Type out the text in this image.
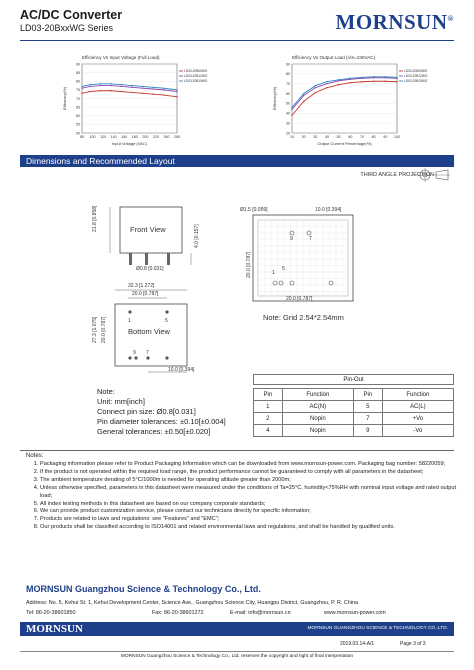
AC/DC Converter
LD03-20BxxWG Series	MORNSUN®
Efficiency Vs Input Voltage (Full Load)
50
55
60
65
70
75
80
85
90
85 100 120 140 160 180 200 220 240 265
Input Voltage (VAC)
Efficiency(%)
LD03-20B05WG
LD03-20B12WG
LD03-20B15WG
Efficiency Vs Output Load (Vin=230VAC)
20
30
40
50
60
70
80
90
10 20 30 40 50 60 70 80 90 100
Output Current Percentage(%)
Efficiency(%)
LD03-20B05WG
LD03-20B12WG
LD03-20B15WG
Dimensions and Recommended Layout
THIRD ANGLE PROJECTION
Front View
21.8 [0.858]
4.0 [0.157]
Ø0.8 [0.031]
32.3 [1.272]
20.0 [0.787]
Bottom View
27.3 [1.075] 20.0 [0.787]	1	5
9 7
10.0 [0.394]
Ø1.5 [0.059]	10.0 [0.394]
20.0 [0.787]
20.0 [0.787]
9	7
1
5
Note: Grid 2.54*2.54mm
Note:
Unit: mm[inch]
Connect pin size: Ø0.8[0.031]
Pin diameter tolerances: ±0.10[±0.004]
General tolerances: ±0.50[±0.020]
Pin-Out
Pin	Function	Pin	Function
1	AC(N)	5	AC(L)
2	Nopin	7	+Vo
4	Nopin	9	-Vo
Notes:
1. Packaging information please refer to Product Packaging Information which can be downloaded from www.mornsun-power.com. Packaging bag number: 58220059;
2. If the product is not operated within the required load range, the product performance cannot be guaranteed to comply with all parameters in the datasheet;
3. The ambient temperature derating of 5°C/1000m is needed for operating altitude greater than 2000m;
4. Unless otherwise specified, parameters in this datasheet were measured under the conditions of Ta=25°C, humidity<75%RH with nominal input voltage and rated output load;
5. All index testing methods in this datasheet are based on our company corporate standards;
6. We can provide product customization service, please contact our technicians directly for specific information;
7. Products are related to laws and regulations: see "Features" and "EMC";
8. Our products shall be classified according to ISO14001 and related environmental laws and regulations, and shall be handled by qualified units.
MORNSUN Guangzhou Science & Technology Co., Ltd.
Address: No. 5, Kehui St. 1, Kehui Development Center, Science Ave., Guangzhou Science City, Huangpu District, Guangzhou, P. R. China
Tel: 86-20-38601850	Fax: 86-20-38601272	E-mail: info@mornsun.cn	www.mornsun-power.com
MORNSUN	MORNSUN GUANGZHOU SCIENCE & TECHNOLOGY CO.,LTD.
2019.03.14-A/1	Page 3 of 3
MORNSUN Guangzhou Science & Technology Co., Ltd. reserves the copyright and right of final interpretation
